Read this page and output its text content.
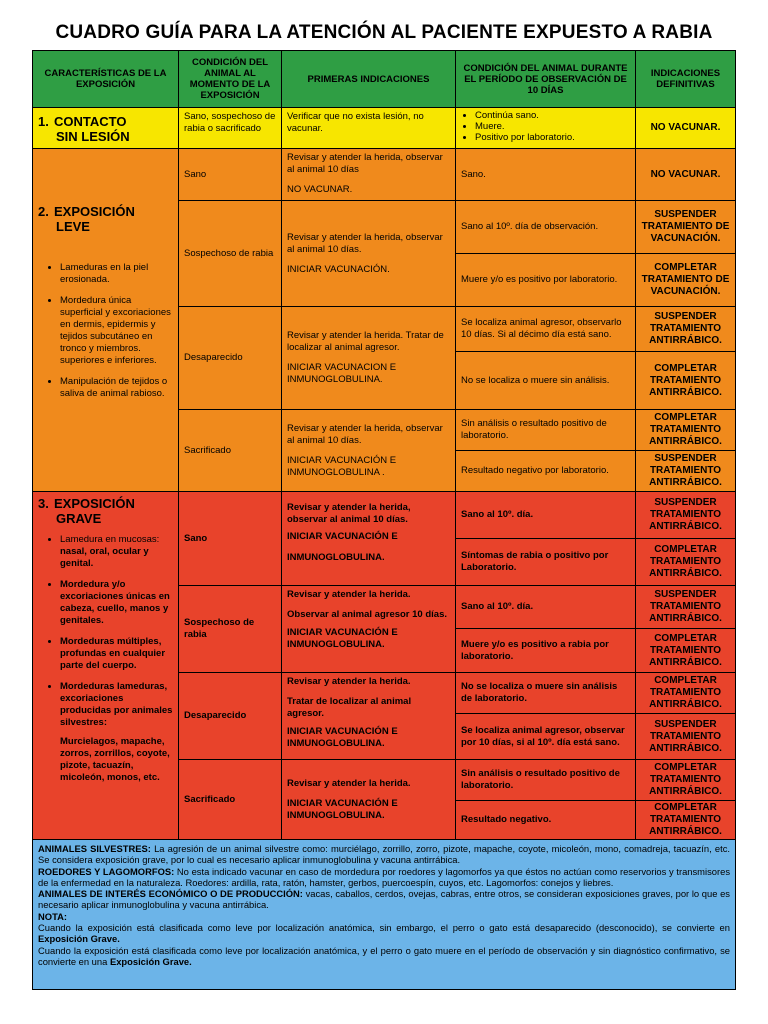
CUADRO GUÍA PARA LA ATENCIÓN AL PACIENTE EXPUESTO A RABIA
CARACTERÍSTICAS DE LA EXPOSICIÓN
CONDICIÓN DEL ANIMAL AL MOMENTO DE LA EXPOSICIÓN
PRIMERAS INDICACIONES
CONDICIÓN DEL ANIMAL DURANTE EL PERÍODO DE OBSERVACIÓN DE 10 DÍAS
INDICACIONES DEFINITIVAS
1. CONTACTO
SIN LESIÓN
Sano, sospechoso de rabia o sacrificado
Verificar que no exista lesión, no vacunar.
• Continúa sano.
• Muere.
• Positivo por laboratorio.
NO VACUNAR.
2. EXPOSICIÓN
LEVE
• Lameduras en la piel erosionada.
• Mordedura única superficial y excoriaciones en dermis, epidermis y tejidos subcutáneo en tronco y miembros. superiores e inferiores.
• Manipulación de tejidos o saliva de animal rabioso.
Sano

Revisar y atender la herida, observar al animal 10 días

NO VACUNAR.

Sano.	NO VACUNAR.
Sospechoso de rabia

Revisar y atender la herida, observar al animal 10 días.

INICIAR VACUNACIÓN.

Sano al 10º. día de observación.
SUSPENDER TRATAMIENTO DE VACUNACIÓN.
Muere y/o es positivo por laboratorio.
COMPLETAR TRATAMIENTO DE VACUNACIÓN.
Desaparecido

Revisar y atender la herida. Tratar de localizar al animal agresor.

INICIAR VACUNACION E INMUNOGLOBULINA.

Se localiza animal agresor, observarlo 10 días. Si al décimo día está sano.
SUSPENDER TRATAMIENTO ANTIRRÁBICO.
No se localiza o muere sin análisis.
COMPLETAR TRATAMIENTO ANTIRRÁBICO.
Sacrificado

Revisar y atender la herida, observar al animal 10 días.

INICIAR VACUNACIÓN E INMUNOGLOBULINA .

Sin análisis o resultado positivo de laboratorio.
COMPLETAR TRATAMIENTO ANTIRRÁBICO.
Resultado negativo por laboratorio.
SUSPENDER TRATAMIENTO ANTIRRÁBICO.
3. EXPOSICIÓN
GRAVE
• Lamedura en mucosas: nasal, oral, ocular y genital.
• Mordedura y/o excoriaciones únicas en cabeza, cuello, manos y genitales.
• Mordeduras múltiples, profundas en cualquier parte del cuerpo.
• Mordeduras lameduras, excoriaciones producidas por animales silvestres:
Murcielagos, mapache, zorros, zorrillos, coyote, pizote, tacuazín, micoleón, monos, etc.
Sano

Revisar y atender la herida, observar al animal 10 días.

INICIAR VACUNACIÓN E

INMUNOGLOBULINA.

Sano al 10º. día.
SUSPENDER TRATAMIENTO ANTIRRÁBICO.
Síntomas de rabia o positivo por Laboratorio.
COMPLETAR TRATAMIENTO ANTIRRÁBICO.
Sospechoso de rabia

Revisar y atender la herida.

Observar al animal agresor 10 días.

INICIAR VACUNACIÓN E INMUNOGLOBULINA.

Sano al 10º. día.
SUSPENDER TRATAMIENTO ANTIRRÁBICO.
Muere y/o es positivo a rabia por laboratorio.
COMPLETAR TRATAMIENTO ANTIRRÁBICO.
Desaparecido

Revisar y atender la herida.

Tratar de localizar al animal agresor.

INICIAR VACUNACIÓN E INMUNOGLOBULINA.

No se localiza o muere sin análisis de laboratorio.
COMPLETAR TRATAMIENTO ANTIRRÁBICO.
Se localiza animal agresor, observar por 10 días, si al 10º. día está sano.
SUSPENDER TRATAMIENTO ANTIRRÁBICO.
Sacrificado

Revisar y atender la herida.

INICIAR VACUNACIÓN E INMUNOGLOBULINA.

Sin análisis o resultado positivo de laboratorio.
COMPLETAR TRATAMIENTO ANTIRRÁBICO.
Resultado negativo.
COMPLETAR TRATAMIENTO ANTIRRÁBICO.

ANIMALES SILVESTRES: La agresión de un animal silvestre como: murciélago, zorrillo, zorro, pizote, mapache, coyote, micoleón, mono, comadreja, tacuazín, etc. Se considera exposición grave, por lo cual es necesario aplicar inmunoglobulina y vacuna antirrábica.

ROEDORES Y LAGOMORFOS: No esta indicado vacunar en caso de mordedura por roedores y lagomorfos ya que éstos no actúan como reservorios y transmisores de la enfermedad en la naturaleza. Roedores: ardilla, rata, ratón, hamster, gerbos, puercoespín, cuyos, etc. Lagomorfos: conejos y liebres.

ANIMALES DE INTERÉS ECONÓMICO O DE PRODUCCIÓN: vacas, caballos, cerdos, ovejas, cabras, entre otros, se consideran exposiciones graves, por lo que es necesario aplicar inmunoglobulina y vacuna antirrábica.

NOTA:

Cuando la exposición está clasificada como leve por localización anatómica, sin embargo, el perro o gato está desaparecido (desconocido), se convierte en Exposición Grave.

Cuando la exposición está clasificada como leve por localización anatómica, y el perro o gato muere en el período de observación y sin diagnóstico confirmativo, se convierte en una Exposición Grave.
